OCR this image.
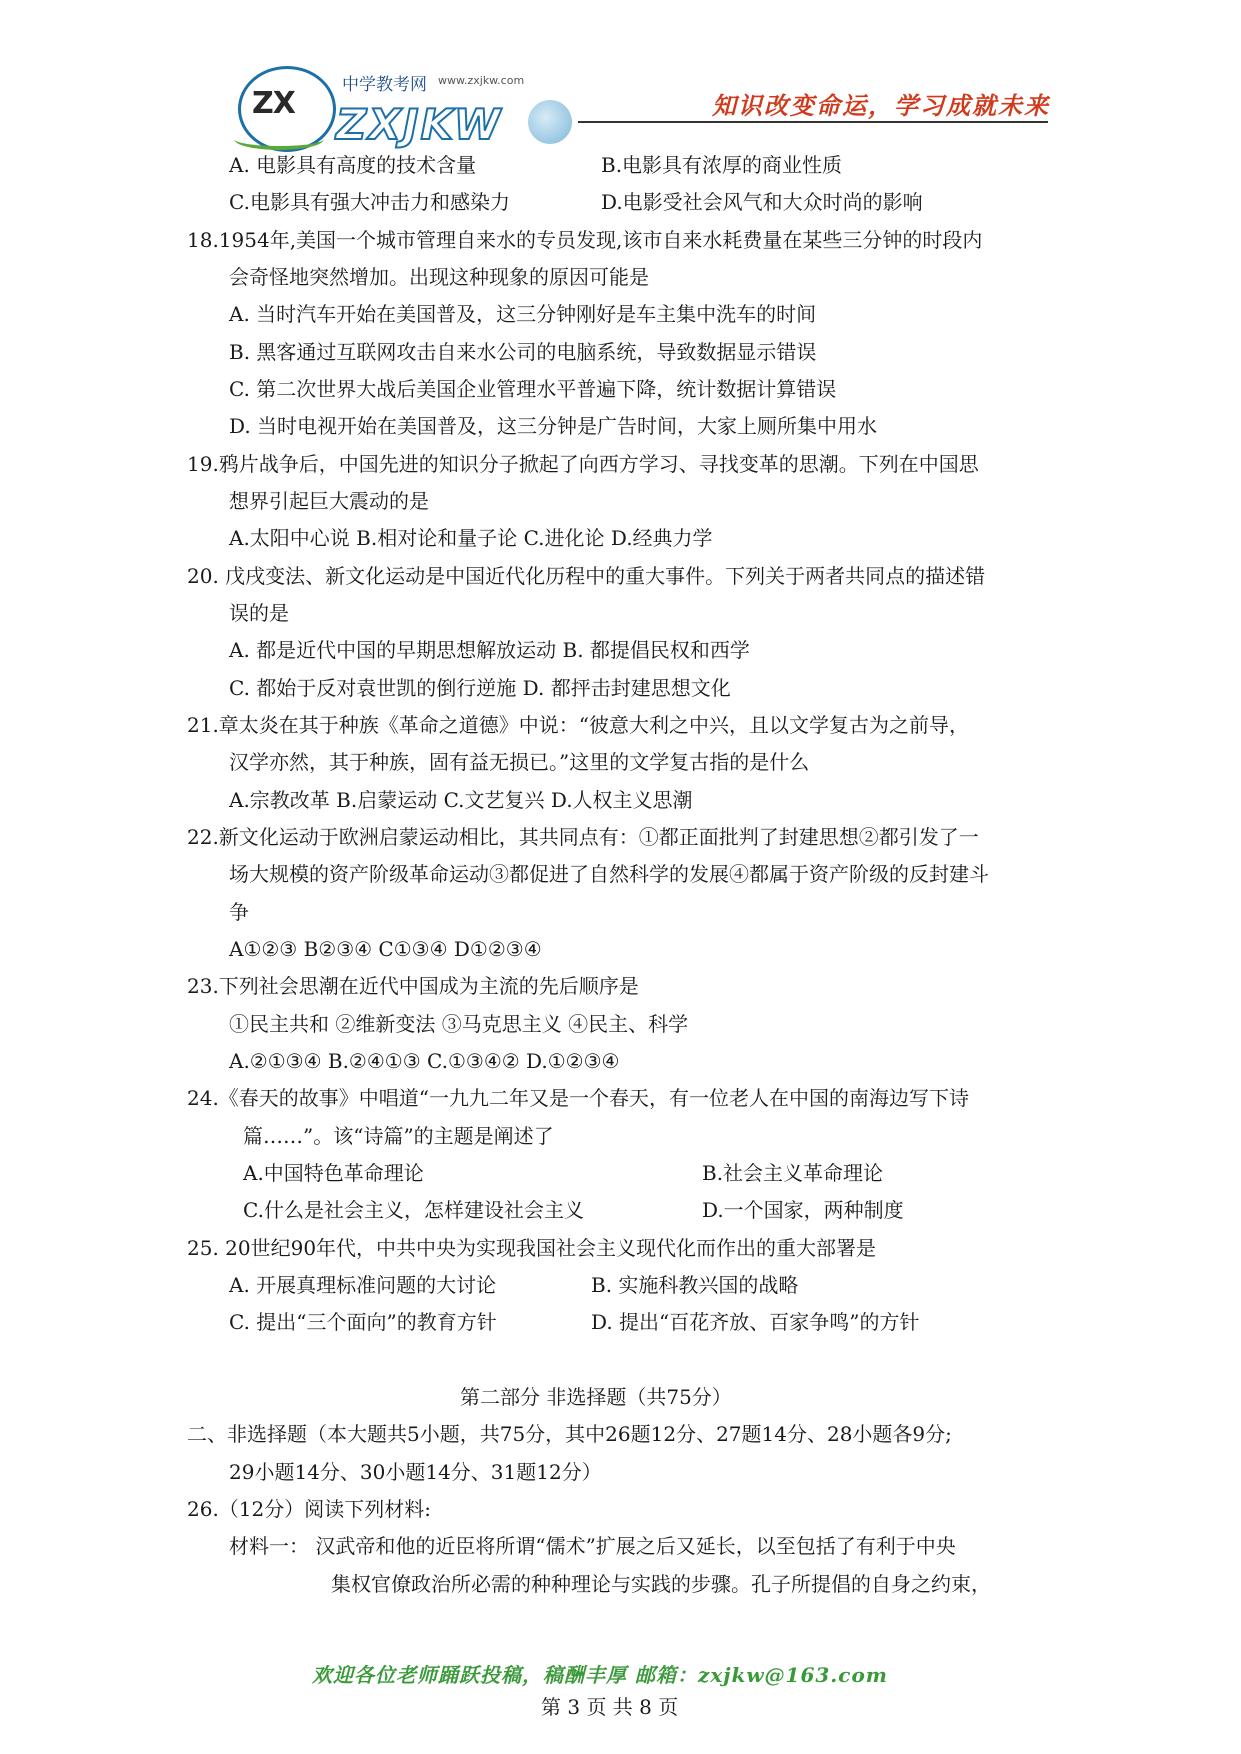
ZX
中学教考网 www.zxjkw.com
ZXJKW	知识改变命运，学习成就未来
A. 电影具有高度的技术含量	B.电影具有浓厚的商业性质
C.电影具有强大冲击力和感染力	D.电影受社会风气和大众时尚的影响
18.1954年,美国一个城市管理自来水的专员发现,该市自来水耗费量在某些三分钟的时段内
会奇怪地突然增加。出现这种现象的原因可能是
A. 当时汽车开始在美国普及，这三分钟刚好是车主集中洗车的时间
B. 黑客通过互联网攻击自来水公司的电脑系统，导致数据显示错误
C. 第二次世界大战后美国企业管理水平普遍下降，统计数据计算错误
D. 当时电视开始在美国普及，这三分钟是广告时间，大家上厕所集中用水
19.鸦片战争后，中国先进的知识分子掀起了向西方学习、寻找变革的思潮。下列在中国思
想界引起巨大震动的是
A.太阳中心说 B.相对论和量子论 C.进化论 D.经典力学
20. 戊戌变法、新文化运动是中国近代化历程中的重大事件。下列关于两者共同点的描述错
误的是
A. 都是近代中国的早期思想解放运动 B. 都提倡民权和西学
C. 都始于反对袁世凯的倒行逆施 D. 都抨击封建思想文化
21.章太炎在其于种族《革命之道德》中说：“彼意大利之中兴，且以文学复古为之前导，
汉学亦然，其于种族，固有益无损已。”这里的文学复古指的是什么
A.宗教改革 B.启蒙运动 C.文艺复兴 D.人权主义思潮
22.新文化运动于欧洲启蒙运动相比，其共同点有：①都正面批判了封建思想②都引发了一
场大规模的资产阶级革命运动③都促进了自然科学的发展④都属于资产阶级的反封建斗
争
A①②③ B②③④ C①③④ D①②③④
23.下列社会思潮在近代中国成为主流的先后顺序是
①民主共和 ②维新变法 ③马克思主义 ④民主、科学
A.②①③④ B.②④①③ C.①③④② D.①②③④
24.《春天的故事》中唱道“一九九二年又是一个春天，有一位老人在中国的南海边写下诗
篇……”。该“诗篇”的主题是阐述了
A.中国特色革命理论	B.社会主义革命理论
C.什么是社会主义，怎样建设社会主义	D.一个国家，两种制度
25. 20世纪90年代，中共中央为实现我国社会主义现代化而作出的重大部署是
A. 开展真理标准问题的大讨论	B. 实施科教兴国的战略
C. 提出“三个面向”的教育方针	D. 提出“百花齐放、百家争鸣”的方针
第二部分 非选择题（共75分）
二、非选择题（本大题共5小题，共75分，其中26题12分、27题14分、28小题各9分;
29小题14分、30小题14分、31题12分）
26.（12分）阅读下列材料:
材料一： 汉武帝和他的近臣将所谓“儒术”扩展之后又延长，以至包括了有利于中央
集权官僚政治所必需的种种理论与实践的步骤。孔子所提倡的自身之约束，
欢迎各位老师踊跃投稿，稿酬丰厚 邮箱：zxjkw@163.com
第 3 页 共 8 页
